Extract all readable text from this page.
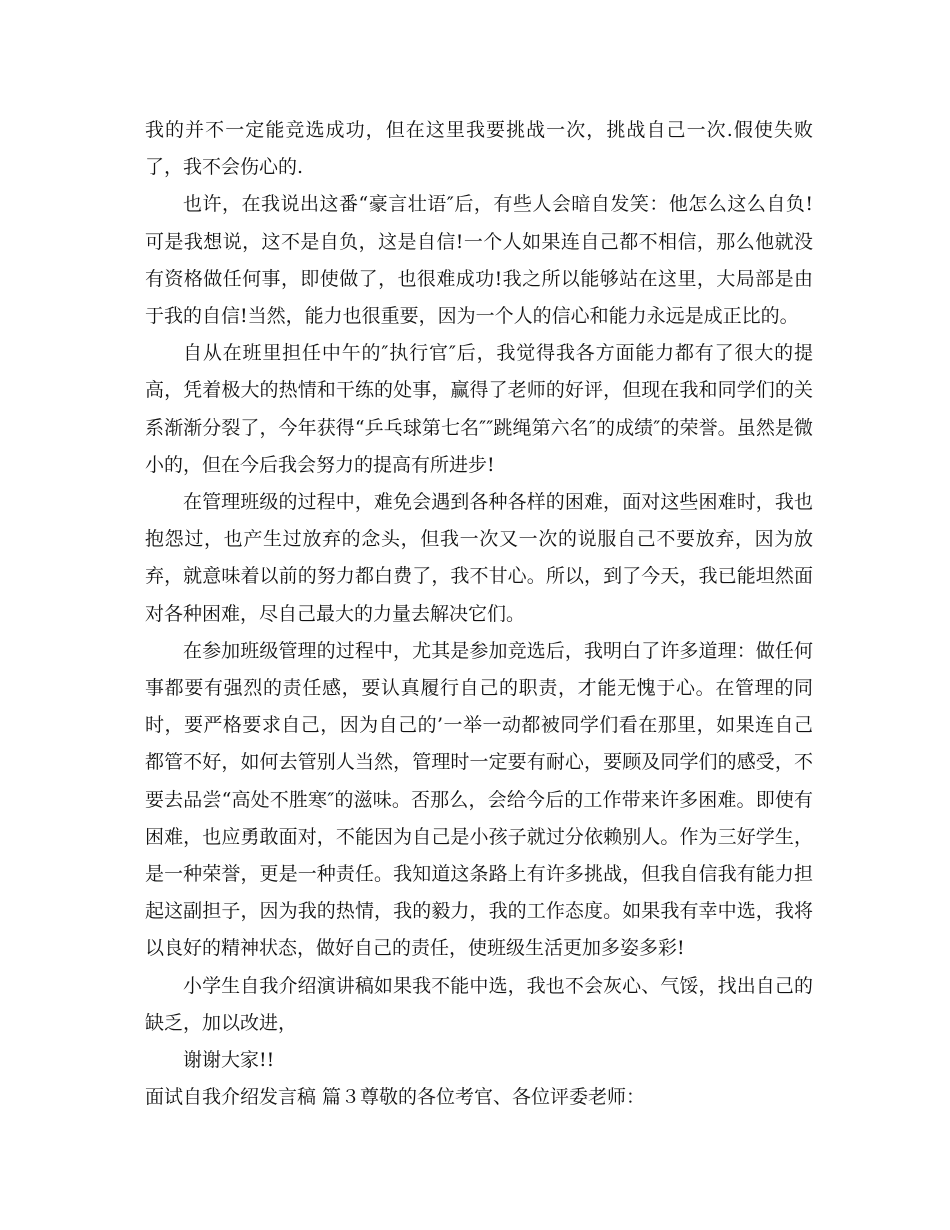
我的并不一定能竞选成功，但在这里我要挑战一次，挑战自己一次.假使失败了，我不会伤心的.

也许，在我说出这番“豪言壮语″后，有些人会暗自发笑：他怎么这么自负!可是我想说，这不是自负，这是自信!一个人如果连自己都不相信，那么他就没有资格做任何事，即使做了，也很难成功!我之所以能够站在这里，大局部是由于我的自信!当然，能力也很重要，因为一个人的信心和能力永远是成正比的。

自从在班里担任中午的″执行官″后，我觉得我各方面能力都有了很大的提高，凭着极大的热情和干练的处事，赢得了老师的好评，但现在我和同学们的关系渐渐分裂了，今年获得“乒乓球第七名″″跳绳第六名″的成绩″的荣誉。虽然是微小的，但在今后我会努力的提高有所进步!

在管理班级的过程中，难免会遇到各种各样的困难，面对这些困难时，我也抱怨过，也产生过放弃的念头，但我一次又一次的说服自己不要放弃，因为放弃，就意味着以前的努力都白费了，我不甘心。所以，到了今天，我已能坦然面对各种困难，尽自己最大的力量去解决它们。

在参加班级管理的过程中，尤其是参加竞选后，我明白了许多道理：做任何事都要有强烈的责任感，要认真履行自己的职责，才能无愧于心。在管理的同时，要严格要求自己，因为自己的’一举一动都被同学们看在那里，如果连自己都管不好，如何去管别人当然，管理时一定要有耐心，要顾及同学们的感受，不要去品尝“高处不胜寒″的滋味。否那么，会给今后的工作带来许多困难。即使有困难，也应勇敢面对，不能因为自己是小孩子就过分依赖别人。作为三好学生，是一种荣誉，更是一种责任。我知道这条路上有许多挑战，但我自信我有能力担起这副担子，因为我的热情，我的毅力，我的工作态度。如果我有幸中选，我将以良好的精神状态，做好自己的责任，使班级生活更加多姿多彩!

小学生自我介绍演讲稿如果我不能中选，我也不会灰心、气馁，找出自己的缺乏，加以改进，

谢谢大家!!

面试自我介绍发言稿 篇３尊敬的各位考官、各位评委老师：
